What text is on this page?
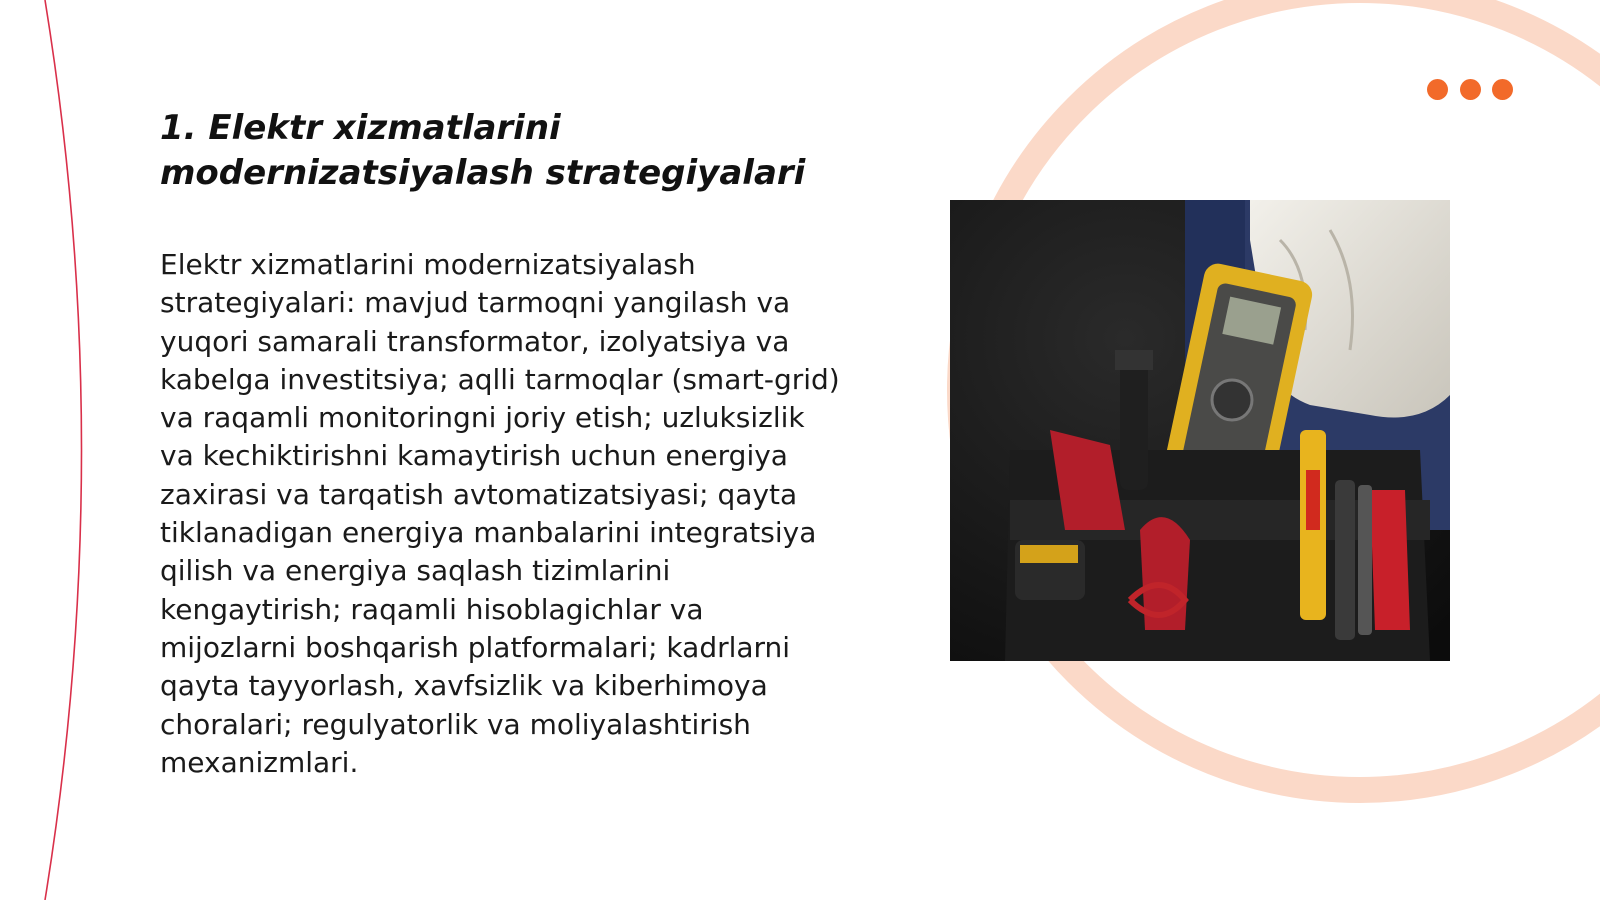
1. Elektr xizmatlarini
modernizatsiyalash strategiyalari

Elektr xizmatlarini modernizatsiyalash strategiyalari: mavjud tarmoqni yangilash va yuqori samarali transformator, izolyatsiya va kabelga investitsiya; aqlli tarmoqlar (smart-grid) va raqamli monitoringni joriy etish; uzluksizlik va kechiktirishni kamaytirish uchun energiya zaxirasi va tarqatish avtomatizatsiyasi; qayta tiklanadigan energiya manbalarini integratsiya qilish va energiya saqlash tizimlarini kengaytirish; raqamli hisoblagichlar va mijozlarni boshqarish platformalari; kadrlarni qayta tayyorlash, xavfsizlik va kiberhimoya choralari; regulyatorlik va moliyalashtirish mexanizmlari.
